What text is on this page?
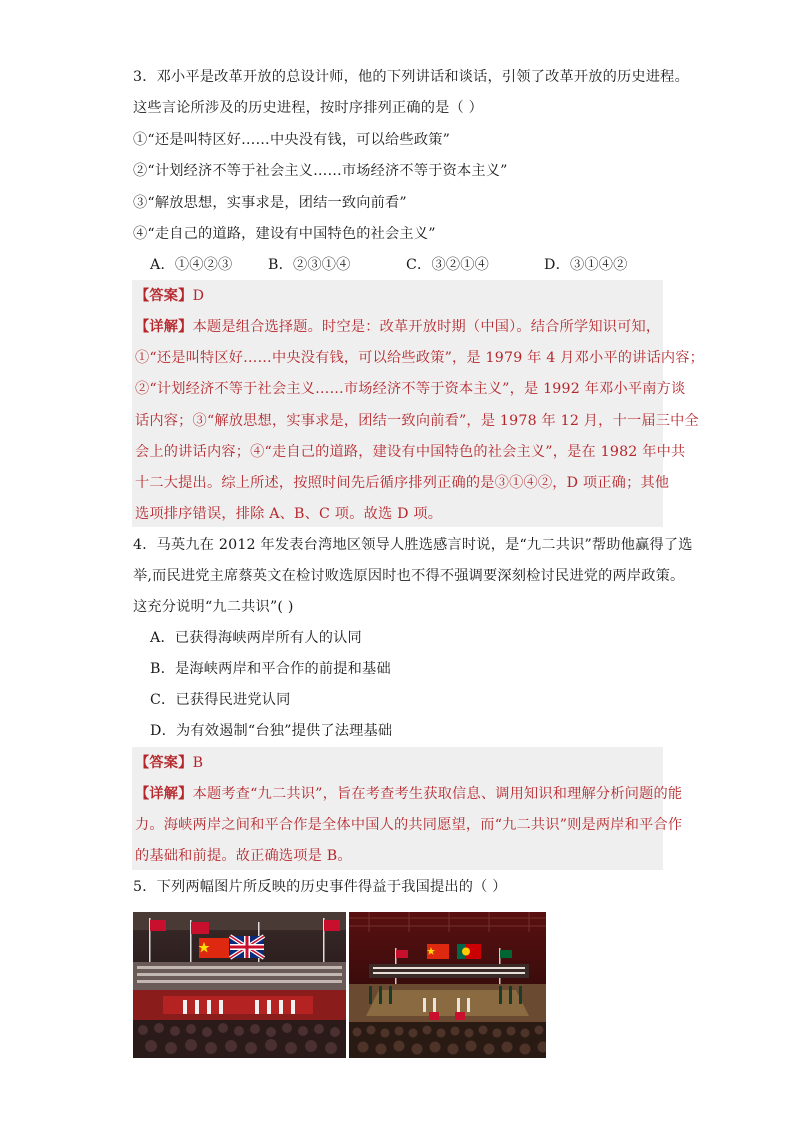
3．邓小平是改革开放的总设计师，他的下列讲话和谈话，引领了改革开放的历史进程。
这些言论所涉及的历史进程，按时序排列正确的是（ ）
①“还是叫特区好……中央没有钱，可以给些政策”
②“计划经济不等于社会主义……市场经济不等于资本主义”
③“解放思想，实事求是，团结一致向前看”
④“走自己的道路，建设有中国特色的社会主义”
A．①④②③	B．②③①④	C．③②①④	D．③①④②
【答案】D
【详解】本题是组合选择题。时空是：改革开放时期（中国）。结合所学知识可知，
①“还是叫特区好……中央没有钱，可以给些政策”，是 1979 年 4 月邓小平的讲话内容；
②“计划经济不等于社会主义……市场经济不等于资本主义”，是 1992 年邓小平南方谈
话内容；③“解放思想，实事求是，团结一致向前看”，是 1978 年 12 月，十一届三中全
会上的讲话内容；④“走自己的道路，建设有中国特色的社会主义”，是在 1982 年中共
十二大提出。综上所述，按照时间先后循序排列正确的是③①④②，D 项正确；其他
选项排序错误，排除 A、B、C 项。故选 D 项。
4．马英九在 2012 年发表台湾地区领导人胜选感言时说，是“九二共识”帮助他赢得了选
举,而民进党主席蔡英文在检讨败选原因时也不得不强调要深刻检讨民进党的两岸政策。
这充分说明“九二共识”( )
A．已获得海峡两岸所有人的认同
B．是海峡两岸和平合作的前提和基础
C．已获得民进党认同
D．为有效遏制“台独”提供了法理基础
【答案】B
【详解】本题考查“九二共识”，旨在考查考生获取信息、调用知识和理解分析问题的能
力。海峡两岸之间和平合作是全体中国人的共同愿望，而“九二共识”则是两岸和平合作
的基础和前提。故正确选项是 B。
5．下列两幅图片所反映的历史事件得益于我国提出的（ ）
